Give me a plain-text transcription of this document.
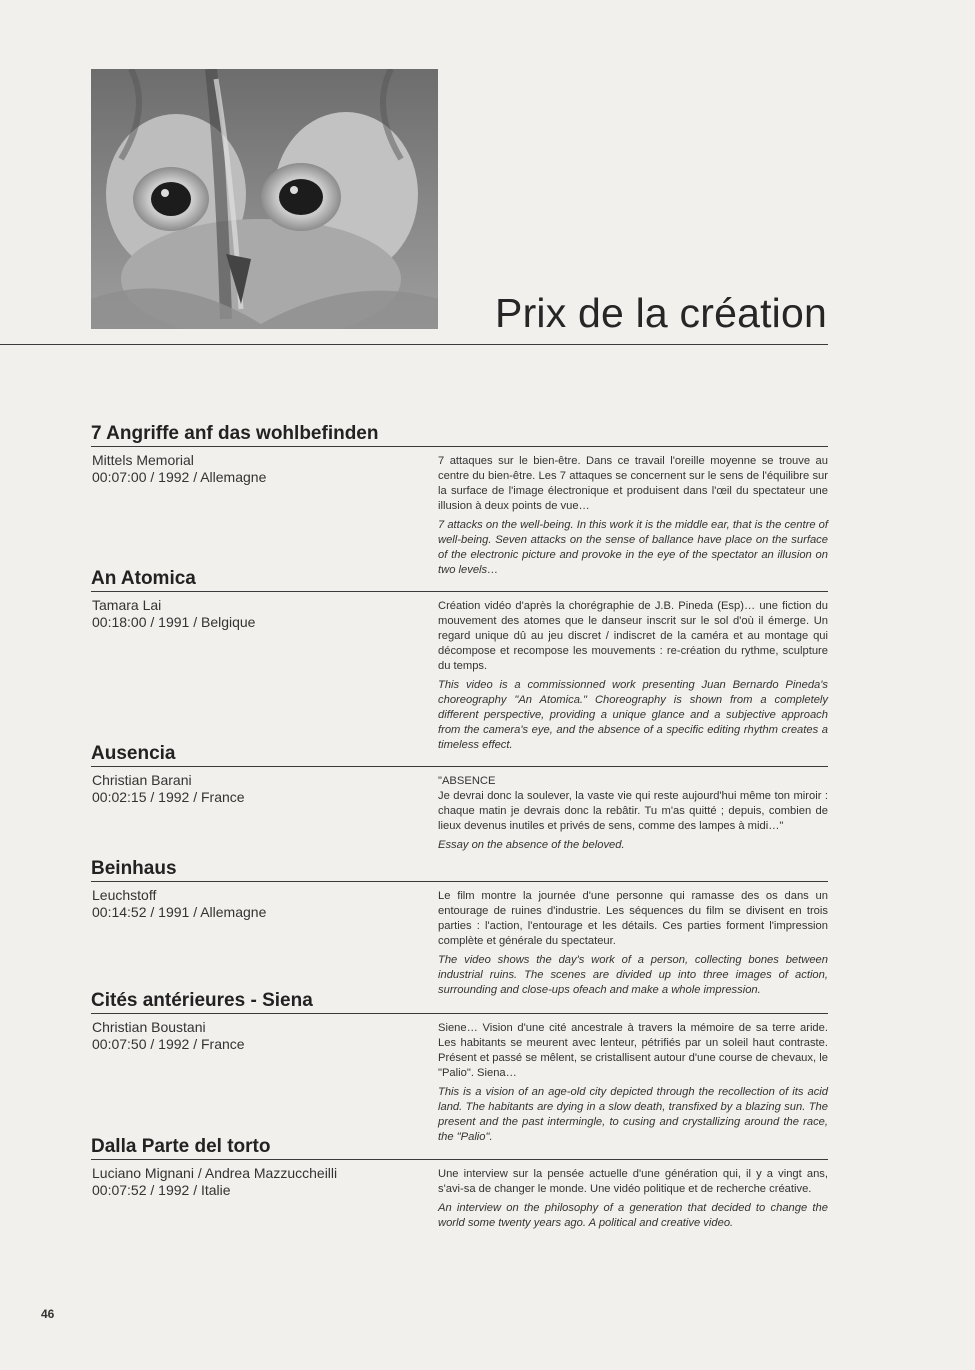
Prix de la création
7 Angriffe anf das wohlbefinden
Mittels Memorial
00:07:00 / 1992 / Allemagne

7 attaques sur le bien-être. Dans ce travail l'oreille moyenne se trouve au centre du bien-être. Les 7 attaques se concernent sur le sens de l'équilibre sur la surface de l'image électronique et produisent dans l'œil du spectateur une illusion à deux points de vue…

7 attacks on the well-being. In this work it is the middle ear, that is the centre of well-being. Seven attacks on the sense of ballance have place on the surface of the electronic picture and provoke in the eye of the spectator an illusion on two levels…

An Atomica
Tamara Lai
00:18:00 / 1991 / Belgique

Création vidéo d'après la chorégraphie de J.B. Pineda (Esp)… une fiction du mouvement des atomes que le danseur inscrit sur le sol d'où il émerge. Un regard unique dû au jeu discret / indiscret de la caméra et au montage qui décompose et recompose les mouvements : re-création du rythme, sculpture du temps.

This video is a commissionned work presenting Juan Bernardo Pineda's choreography "An Atomica." Choreography is shown from a completely different perspective, providing a unique glance and a subjective approach from the camera's eye, and the absence of a specific editing rhythm creates a timeless effect.

Ausencia
Christian Barani
00:02:15 / 1992 / France

"ABSENCE

Je devrai donc la soulever, la vaste vie qui reste aujourd'hui même ton miroir : chaque matin je devrais donc la rebâtir. Tu m'as quitté ; depuis, combien de lieux devenus inutiles et privés de sens, comme des lampes à midi…"

Essay on the absence of the beloved.

Beinhaus
Leuchstoff
00:14:52 / 1991 / Allemagne

Le film montre la journée d'une personne qui ramasse des os dans un entourage de ruines d'industrie. Les séquences du film se divisent en trois parties : l'action, l'entourage et les détails. Ces parties forment l'impression complète et générale du spectateur.

The video shows the day's work of a person, collecting bones between industrial ruins. The scenes are divided up into three images of action, surrounding and close-ups ofeach and make a whole impression.

Cités antérieures - Siena
Christian Boustani
00:07:50 / 1992 / France

Siene… Vision d'une cité ancestrale à travers la mémoire de sa terre aride. Les habitants se meurent avec lenteur, pétrifiés par un soleil haut contraste. Présent et passé se mêlent, se cristallisent autour d'une course de chevaux, le "Palio". Siena…

This is a vision of an age-old city depicted through the recollection of its acid land. The habitants are dying in a slow death, transfixed by a blazing sun. The present and the past intermingle, to cusing and crystallizing around the race, the "Palio".

Dalla Parte del torto
Luciano Mignani / Andrea Mazzuccheilli
00:07:52 / 1992 / Italie

Une interview sur la pensée actuelle d'une génération qui, il y a vingt ans, s'avi-sa de changer le monde. Une vidéo politique et de recherche créative.

An interview on the philosophy of a generation that decided to change the world some twenty years ago. A political and creative video.

46
